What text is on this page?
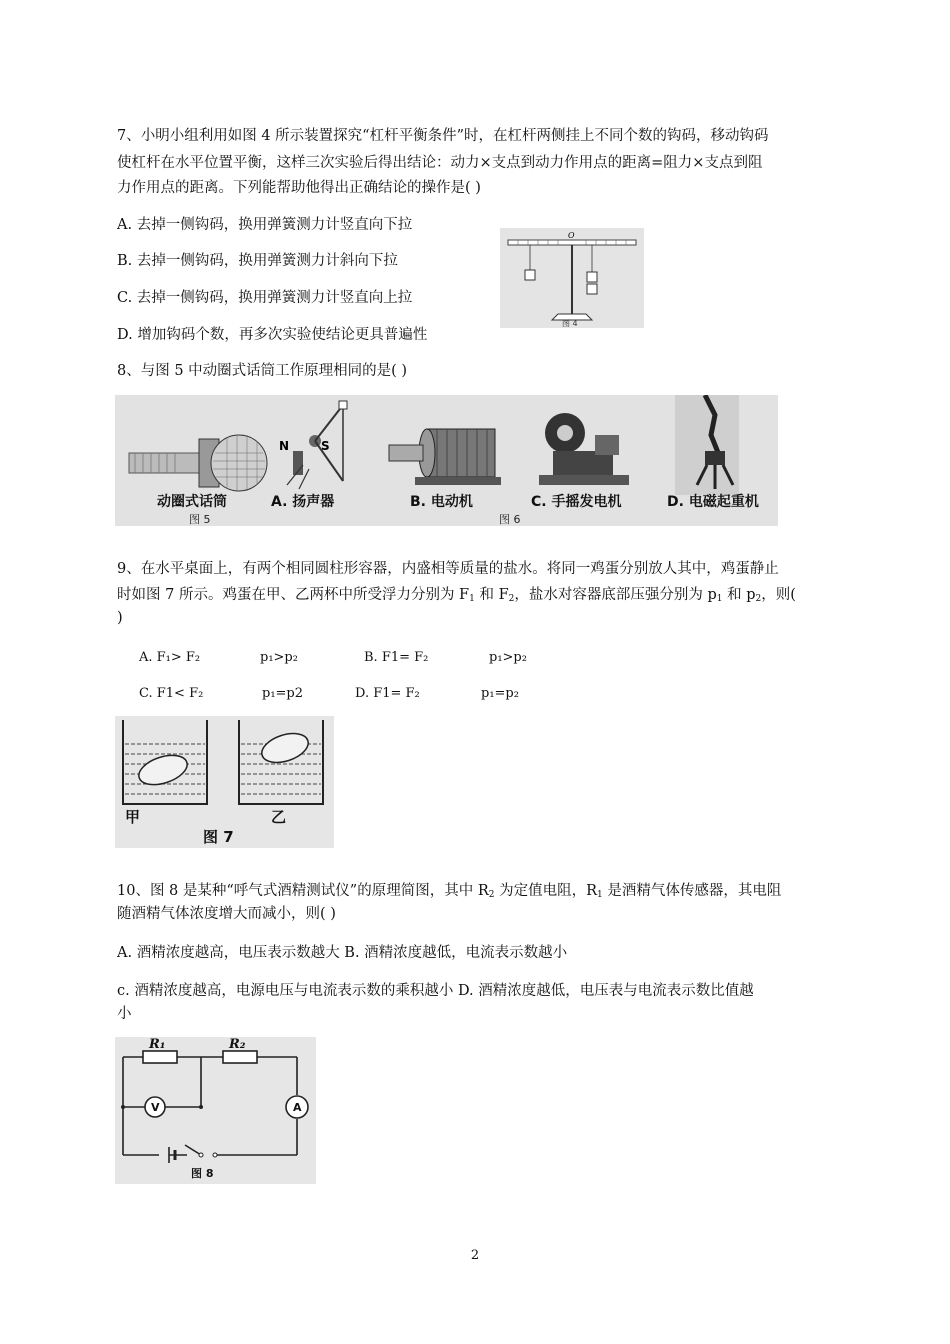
7、小明小组利用如图 4 所示装置探究“杠杆平衡条件”时，在杠杆两侧挂上不同个数的钩码，移动钩码
使杠杆在水平位置平衡，这样三次实验后得出结论：动力×支点到动力作用点的距离=阻力×支点到阻
力作用点的距离。下列能帮助他得出正确结论的操作是( )
A. 去掉一侧钩码，换用弹簧测力计竖直向下拉
B. 去掉一侧钩码，换用弹簧测力计斜向下拉
C. 去掉一侧钩码，换用弹簧测力计竖直向上拉
D. 增加钩码个数，再多次实验使结论更具普遍性
O
图 4
8、与图 5 中动圈式话筒工作原理相同的是( )
N	S
动圈式话筒	A. 扬声器	B. 电动机	C. 手摇发电机	D. 电磁起重机
图 5	图 6
9、在水平桌面上，有两个相同圆柱形容器，内盛相等质量的盐水。将同一鸡蛋分别放人其中，鸡蛋静止
时如图 7 所示。鸡蛋在甲、乙两杯中所受浮力分别为 $F_1$ 和 $F_2$，盐水对容器底部压强分别为 $p_1$ 和 $p_2$，则(
)
A. F₁> F₂	p₁>p₂	B. F1= F₂	p₁>p₂
C. F1< F₂	p₁=p2	D. F1= F₂	p₁=p₂
甲	乙
图 7
10、图 8 是某种“呼气式酒精测试仪”的原理简图，其中 $R_2$ 为定值电阻，$R_1$ 是酒精气体传感器，其电阻
随酒精气体浓度增大而减小，则( )
A. 酒精浓度越高，电压表示数越大 B. 酒精浓度越低，电流表示数越小
c. 酒精浓度越高，电源电压与电流表示数的乘积越小 D. 酒精浓度越低，电压表与电流表示数比值越
小
R₁	R₂
V	A
图 8
2
